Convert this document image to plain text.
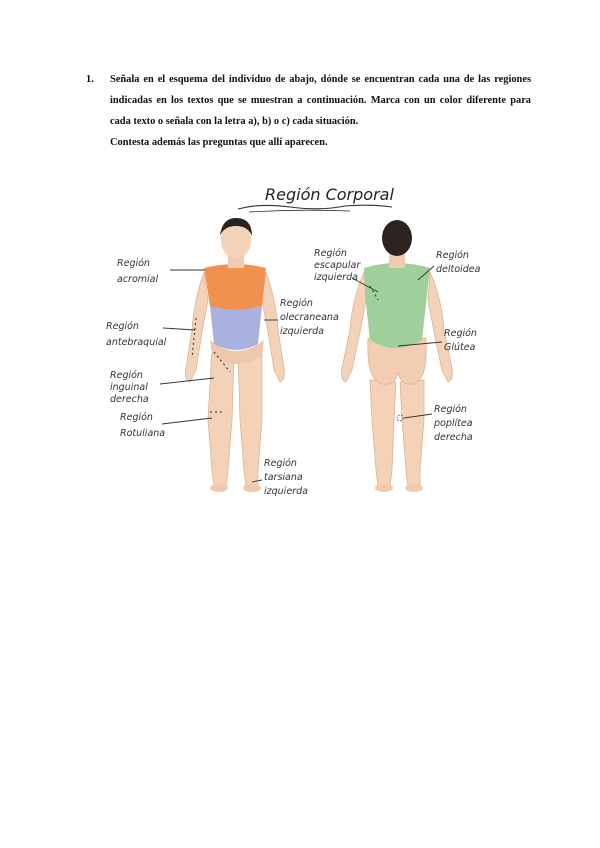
1. Señala en el esquema del individuo de abajo, dónde se encuentran cada una de las regiones indicadas en los textos que se muestran a continuación. Marca con un color diferente para cada texto o señala con la letra a), b) o c) cada situación.
Contesta además las preguntas que allí aparecen.
Región Corporal
Región
acromial
Región
antebraquial
Región
olecraneana
izquierda
Región
inguinal
derecha
Región
Rotuliana
Región
tarsiana
izquierda
Región
escapular
izquierda
Región
deltoidea
Región
Glútea
Región
poplítea
derecha
